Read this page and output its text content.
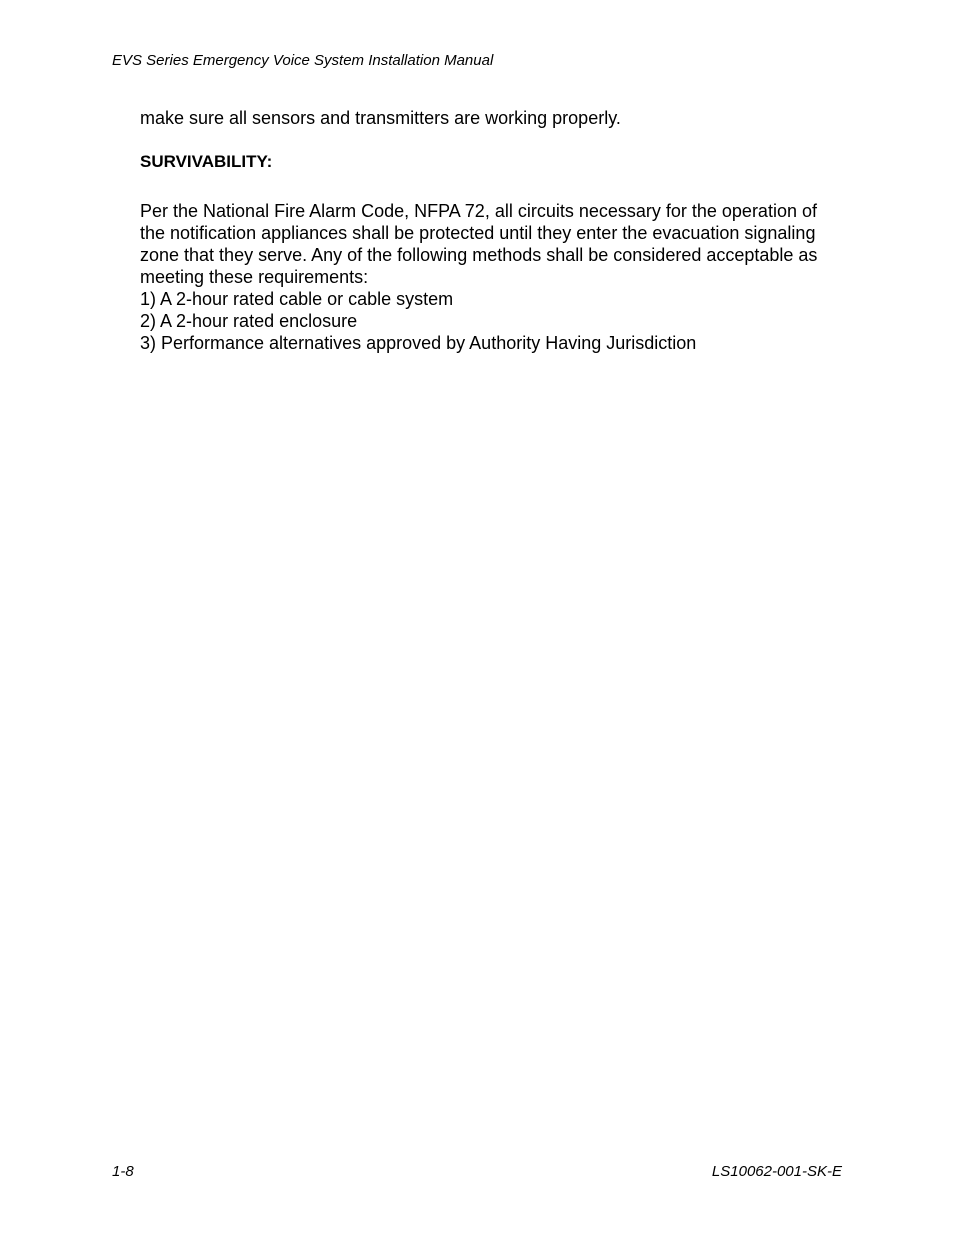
EVS Series Emergency Voice System Installation Manual

make sure all sensors and transmitters are working properly.

SURVIVABILITY:

Per the National Fire Alarm Code, NFPA 72, all circuits necessary for the operation of the notification appliances shall be protected until they enter the evacuation signaling zone that they serve. Any of the following methods shall be considered acceptable as meeting these requirements:

1) A 2-hour rated cable or cable system
2) A 2-hour rated enclosure
3) Performance alternatives approved by Authority Having Jurisdiction
1-8	LS10062-001-SK-E
